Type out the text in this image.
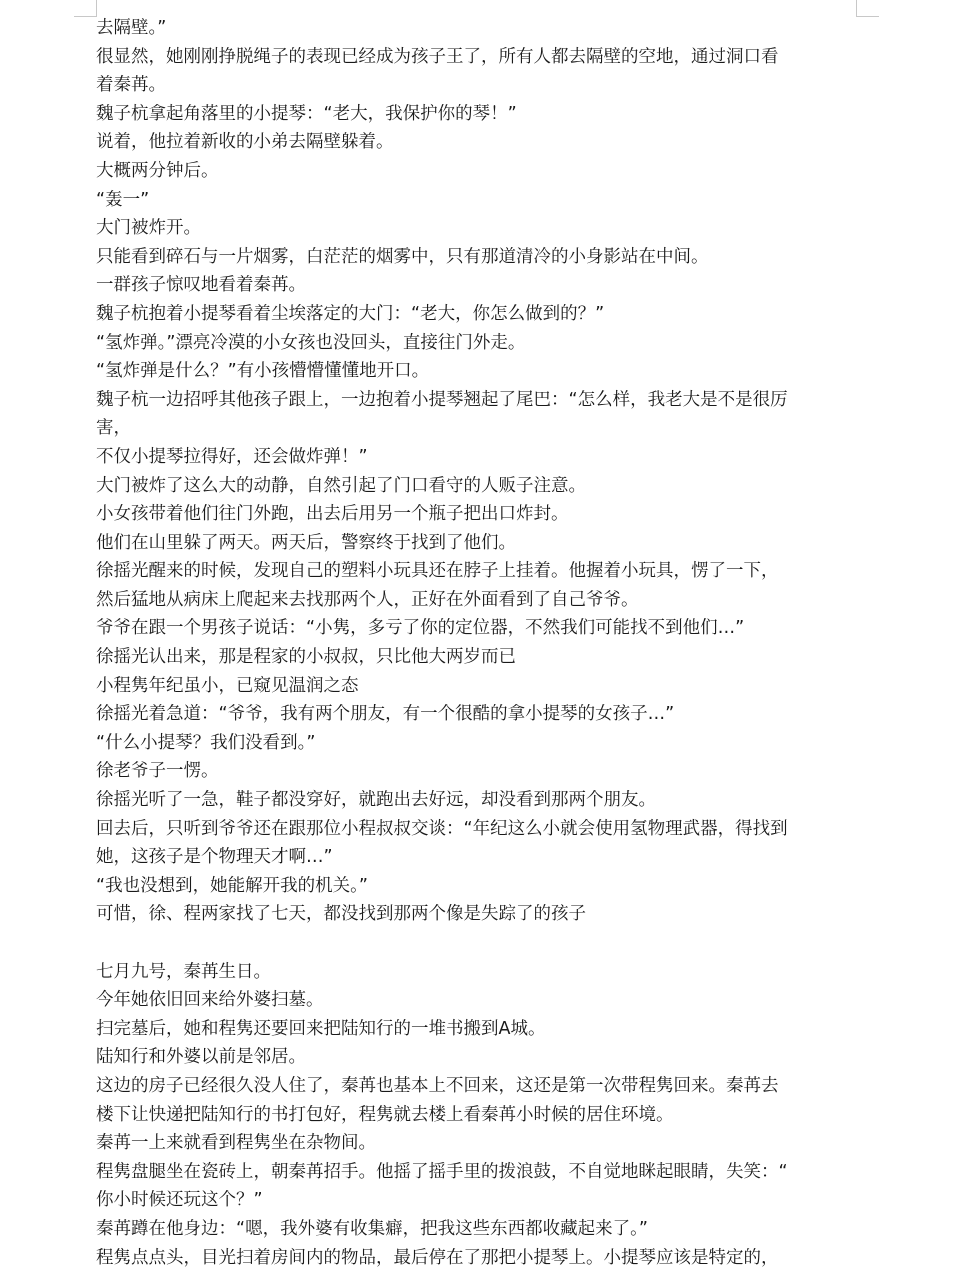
去隔壁。”
很显然，她刚刚挣脱绳子的表现已经成为孩子王了，所有人都去隔壁的空地，通过洞口看
着秦苒。
魏子杭拿起角落里的小提琴：“老大，我保护你的琴！”
说着，他拉着新收的小弟去隔壁躲着。
大概两分钟后。
“轰一”
大门被炸开。
只能看到碎石与一片烟雾，白茫茫的烟雾中，只有那道清冷的小身影站在中间。
一群孩子惊叹地看着秦苒。
魏子杭抱着小提琴看着尘埃落定的大门：“老大，你怎么做到的？”
“氢炸弹。”漂亮冷漠的小女孩也没回头，直接往门外走。
“氢炸弹是什么？”有小孩懵懵懂懂地开口。
魏子杭一边招呼其他孩子跟上，一边抱着小提琴翘起了尾巴：“怎么样，我老大是不是很厉
害，
不仅小提琴拉得好，还会做炸弹！”
大门被炸了这么大的动静，自然引起了门口看守的人贩子注意。
小女孩带着他们往门外跑，出去后用另一个瓶子把出口炸封。
他们在山里躲了两天。两天后，警察终于找到了他们。
徐摇光醒来的时候，发现自己的塑料小玩具还在脖子上挂着。他握着小玩具，愣了一下，
然后猛地从病床上爬起来去找那两个人，正好在外面看到了自己爷爷。
爷爷在跟一个男孩子说话：“小隽，多亏了你的定位器，不然我们可能找不到他们…”
徐摇光认出来，那是程家的小叔叔，只比他大两岁而已
小程隽年纪虽小，已窥见温润之态
徐摇光着急道：“爷爷，我有两个朋友，有一个很酷的拿小提琴的女孩子…”
“什么小提琴？我们没看到。”
徐老爷子一愣。
徐摇光听了一急，鞋子都没穿好，就跑出去好远，却没看到那两个朋友。
回去后，只听到爷爷还在跟那位小程叔叔交谈：“年纪这么小就会使用氢物理武器，得找到
她，这孩子是个物理天才啊…”
“我也没想到，她能解开我的机关。”
可惜，徐、程两家找了七天，都没找到那两个像是失踪了的孩子
七月九号，秦苒生日。
今年她依旧回来给外婆扫墓。
扫完墓后，她和程隽还要回来把陆知行的一堆书搬到A城。
陆知行和外婆以前是邻居。
这边的房子已经很久没人住了，秦苒也基本上不回来，这还是第一次带程隽回来。秦苒去
楼下让快递把陆知行的书打包好，程隽就去楼上看秦苒小时候的居住环境。
秦苒一上来就看到程隽坐在杂物间。
程隽盘腿坐在瓷砖上，朝秦苒招手。他摇了摇手里的拨浪鼓，不自觉地眯起眼睛，失笑：“
你小时候还玩这个？”
秦苒蹲在他身边：“嗯，我外婆有收集癖，把我这些东西都收藏起来了。”
程隽点点头，目光扫着房间内的物品，最后停在了那把小提琴上。小提琴应该是特定的，
